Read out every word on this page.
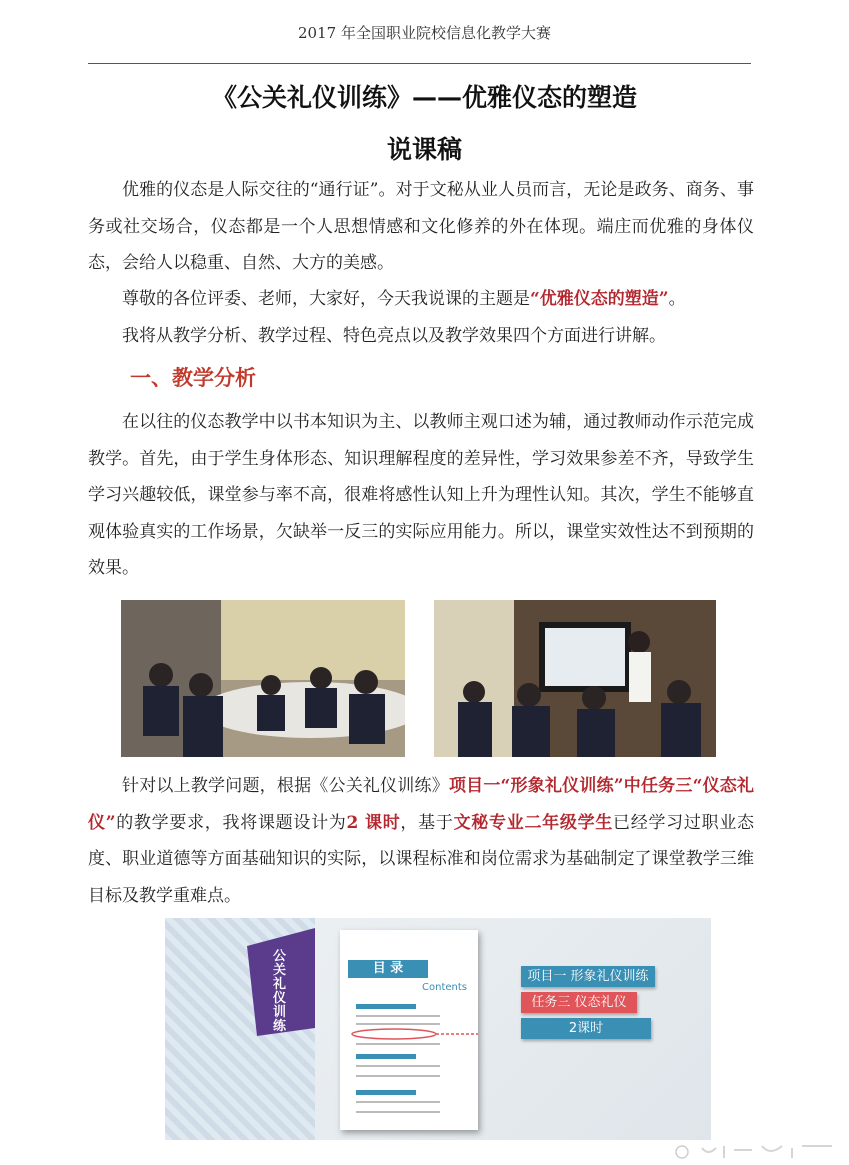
2017 年全国职业院校信息化教学大赛
《公关礼仪训练》——优雅仪态的塑造
说课稿

优雅的仪态是人际交往的“通行证”。对于文秘从业人员而言，无论是政务、商务、事务或社交场合，仪态都是一个人思想情感和文化修养的外在体现。端庄而优雅的身体仪态，会给人以稳重、自然、大方的美感。

尊敬的各位评委、老师，大家好，今天我说课的主题是“优雅仪态的塑造”。

我将从教学分析、教学过程、特色亮点以及教学效果四个方面进行讲解。

一、教学分析

在以往的仪态教学中以书本知识为主、以教师主观口述为辅，通过教师动作示范完成教学。首先，由于学生身体形态、知识理解程度的差异性，学习效果参差不齐，导致学生学习兴趣较低，课堂参与率不高，很难将感性认知上升为理性认知。其次，学生不能够直观体验真实的工作场景，欠缺举一反三的实际应用能力。所以，课堂实效性达不到预期的效果。

针对以上教学问题，根据《公关礼仪训练》项目一“形象礼仪训练”中任务三“仪态礼仪”的教学要求，我将课题设计为2 课时，基于文秘专业二年级学生已经学习过职业态度、职业道德等方面基础知识的实际，以课程标准和岗位需求为基础制定了课堂教学三维目标及教学重难点。

公关礼仪训练
目 录
Contents
项目一 形象礼仪训练
任务三 仪态礼仪
2课时
